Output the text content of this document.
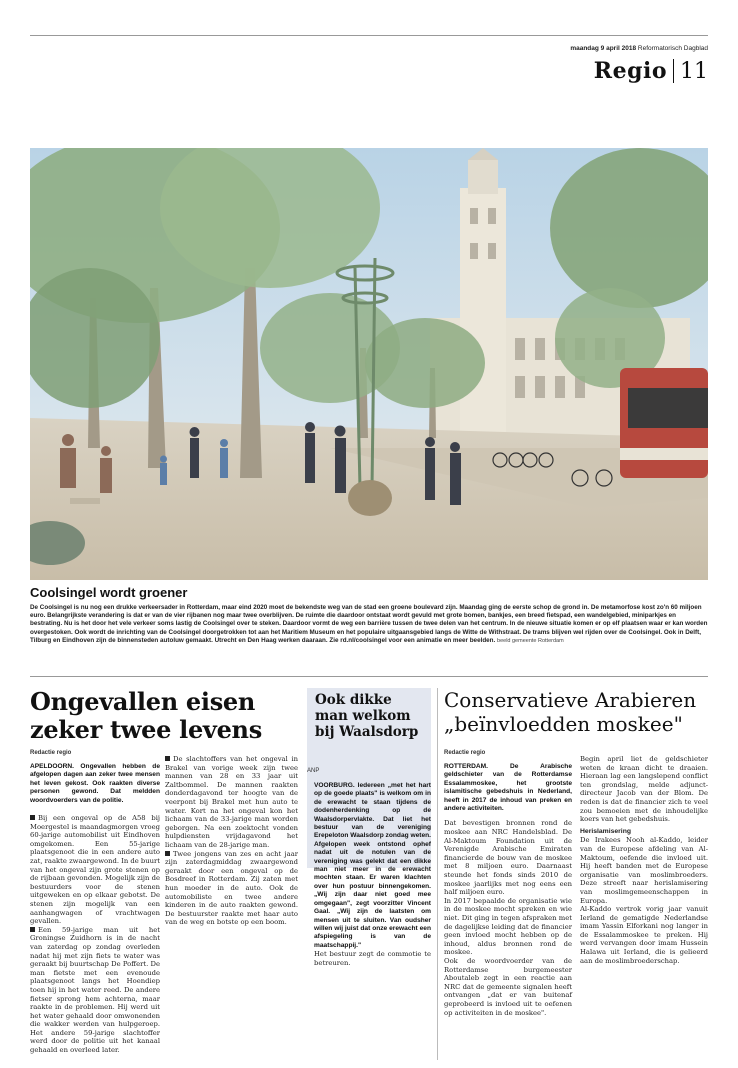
maandag 9 april 2018 Reformatorisch Dagblad
Regio 11
Coolsingel wordt groener
De Coolsingel is nu nog een drukke verkeersader in Rotterdam, maar eind 2020 moet de bekendste weg van de stad een groene boulevard zijn. Maandag ging de eerste schop de grond in. De metamorfose kost zo'n 60 miljoen euro. Belangrijkste verandering is dat er van de vier rijbanen nog maar twee overblijven. De ruimte die daardoor ontstaat wordt gevuld met grote bomen, bankjes, een breed fietspad, een wandelgebied, miniparkjes en bestrating. Nu is het door het vele verkeer soms lastig de Coolsingel over te steken. Daardoor vormt de weg een barrière tussen de twee delen van het centrum. In de nieuwe situatie komen er op elf plaatsen waar er kan worden overgestoken. Ook wordt de inrichting van de Coolsingel doorgetrokken tot aan het Maritiem Museum en het populaire uitgaansgebied langs de Witte de Withstraat. De trams blijven wel rijden over de Coolsingel. Ook in Delft, Tilburg en Eindhoven zijn de binnensteden autoluw gemaakt. Utrecht en Den Haag werken daaraan. Zie rd.nl/coolsingel voor een animatie en meer beelden. beeld gemeente Rotterdam
Ongevallen eisen zeker twee levens
Redactie regio

APELDOORN. Ongevallen hebben de afgelopen dagen aan zeker twee mensen het leven gekost. Ook raakten diverse personen gewond. Dat meldden woordvoerders van de politie.

Bij een ongeval op de A58 bij Moergestel is maandagmorgen vroeg 60-jarige automobilist uit Eindhoven omgekomen. Een 55-jarige plaatsgenoot die in een andere auto zat, raakte zwaargewond. In de buurt van het ongeval zijn grote stenen op de rijbaan gevonden. Mogelijk zijn de bestuurders voor de stenen uitgeweken en op elkaar gebotst. De stenen zijn mogelijk van een aanhangwagen of vrachtwagen gevallen.

Een 59-jarige man uit het Groningse Zuidhorn is in de nacht van zaterdag op zondag overleden nadat hij met zijn fiets te water was geraakt bij buurtschap De Poffert. De man fietste met een evenoude plaatsgenoot langs het Hoendiep toen hij in het water reed. De andere fietser sprong hem achterna, maar raakte in de problemen. Hij werd uit het water gehaald door omwonenden die wakker werden van hulpgeroep. Het andere 59-jarige slachtoffer werd door de politie uit het kanaal gehaald en overleed later.

De slachtoffers van het ongeval in Brakel van vorige week zijn twee mannen van 28 en 33 jaar uit Zaltbommel. De mannen raakten donderdagavond ter hoogte van de veerpont bij Brakel met hun auto te water. Kort na het ongeval kon het lichaam van de 33-jarige man worden geborgen. Na een zoektocht vonden hulpdiensten vrijdagavond het lichaam van de 28-jarige man.

Twee jongens van zes en acht jaar zijn zaterdagmiddag zwaargewond geraakt door een ongeval op de Bosdreef in Rotterdam. Zij zaten met hun moeder in de auto. Ook de automobiliste en twee andere kinderen in de auto raakten gewond. De bestuurster raakte met haar auto van de weg en botste op een boom.

Ook dikke man welkom bij Waalsdorp
ANP

VOORBURG. Iedereen „met het hart op de goede plaats" is welkom om in de erewacht te staan tijdens de dodenherdenking op de Waalsdorpervlakte. Dat liet het bestuur van de vereniging Erepeloton Waalsdorp zondag weten. Afgelopen week ontstond ophef nadat uit de notulen van de vereniging was gelekt dat een dikke man niet meer in de erewacht mochten staan. Er waren klachten over hun postuur binnengekomen. „Wij zijn daar niet goed mee omgegaan", zegt voorzitter Vincent Gaal. „Wij zijn de laatsten om mensen uit te sluiten. Van oudsher willen wij juist dat onze erewacht een afspiegeling is van de maatschappij."

Het bestuur zegt de commotie te betreuren.

Conservatieve Arabieren „beïnvloedden moskee"
Redactie regio

ROTTERDAM. De Arabische geldschieter van de Rotterdamse Essalammoskee, het grootste islamitische gebedshuis in Nederland, heeft in 2017 de inhoud van preken en andere activiteiten.

Dat bevestigen bronnen rond de moskee aan NRC Handelsblad. De Al-Maktoum Foundation uit de Verenigde Arabische Emiraten financierde de bouw van de moskee met 8 miljoen euro. Daarnaast steunde het fonds sinds 2010 de moskee jaarlijks met nog eens een half miljoen euro.

In 2017 bepaalde de organisatie wie in de moskee mocht spreken en wie niet. Dit ging in tegen afspraken met de dagelijkse leiding dat de financier geen invloed mocht hebben op de inhoud, aldus bronnen rond de moskee.

Ook de woordvoerder van de Rotterdamse burgemeester Aboutaleb zegt in een reactie aan NRC dat de gemeente signalen heeft ontvangen „dat er van buitenaf geprobeerd is invloed uit te oefenen op activiteiten in de moskee".

Begin april liet de geldschieter weten de kraan dicht te draaien. Hieraan lag een langslepend conflict ten grondslag, melde adjunct-directeur Jacob van der Blom. De reden is dat de financier zich te veel zou bemoeien met de inhoudelijke koers van het gebedshuis.

Herislamisering

De Irakees Nooh al-Kaddo, leider van de Europese afdeling van Al-Maktoum, oefende die invloed uit. Hij heeft banden met de Europese organisatie van moslimbroeders. Deze streeft naar herislamisering van moslimgemeenschappen in Europa.

Al-Kaddo vertrok vorig jaar vanuit Ierland de gematigde Nederlandse imam Yassin Elforkani nog langer in de Essalammoskee te preken. Hij werd vervangen door imam Hussein Halawa uit Ierland, die is gelieerd aan de moslimbroederschap.
